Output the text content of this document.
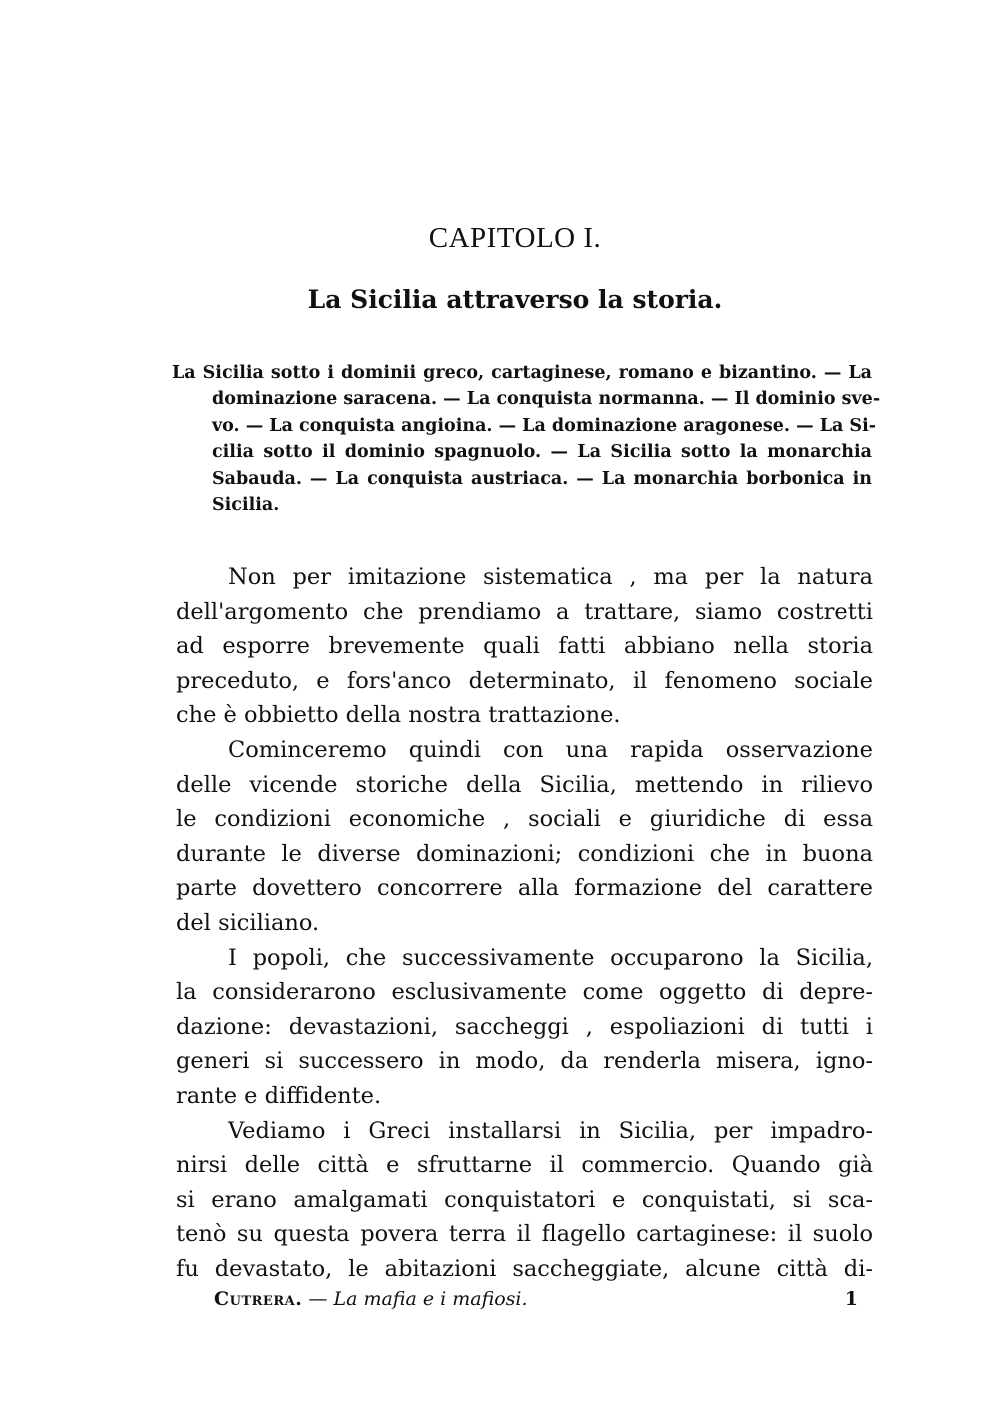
CAPITOLO I.
La Sicilia attraverso la storia.
La Sicilia sotto i dominii greco, cartaginese, romano e bizantino. — La
dominazione saracena. — La conquista normanna. — Il dominio sve-
vo. — La conquista angioina. — La dominazione aragonese. — La Si-
cilia sotto il dominio spagnuolo. — La Sicilia sotto la monarchia
Sabauda. — La conquista austriaca. — La monarchia borbonica in
Sicilia.
Non per imitazione sistematica , ma per la natura
dell'argomento che prendiamo a trattare, siamo costretti
ad esporre brevemente quali fatti abbiano nella storia
preceduto, e fors'anco determinato, il fenomeno sociale
che è obbietto della nostra trattazione.
Cominceremo quindi con una rapida osservazione
delle vicende storiche della Sicilia, mettendo in rilievo
le condizioni economiche , sociali e giuridiche di essa
durante le diverse dominazioni; condizioni che in buona
parte dovettero concorrere alla formazione del carattere
del siciliano.
I popoli, che successivamente occuparono la Sicilia,
la considerarono esclusivamente come oggetto di depre-
dazione: devastazioni, saccheggi , espoliazioni di tutti i
generi si successero in modo, da renderla misera, igno-
rante e diffidente.
Vediamo i Greci installarsi in Sicilia, per impadro-
nirsi delle città e sfruttarne il commercio. Quando già
si erano amalgamati conquistatori e conquistati, si sca-
tenò su questa povera terra il flagello cartaginese: il suolo
fu devastato, le abitazioni saccheggiate, alcune città di-
Cutrera. — La mafia e i mafiosi.	1
